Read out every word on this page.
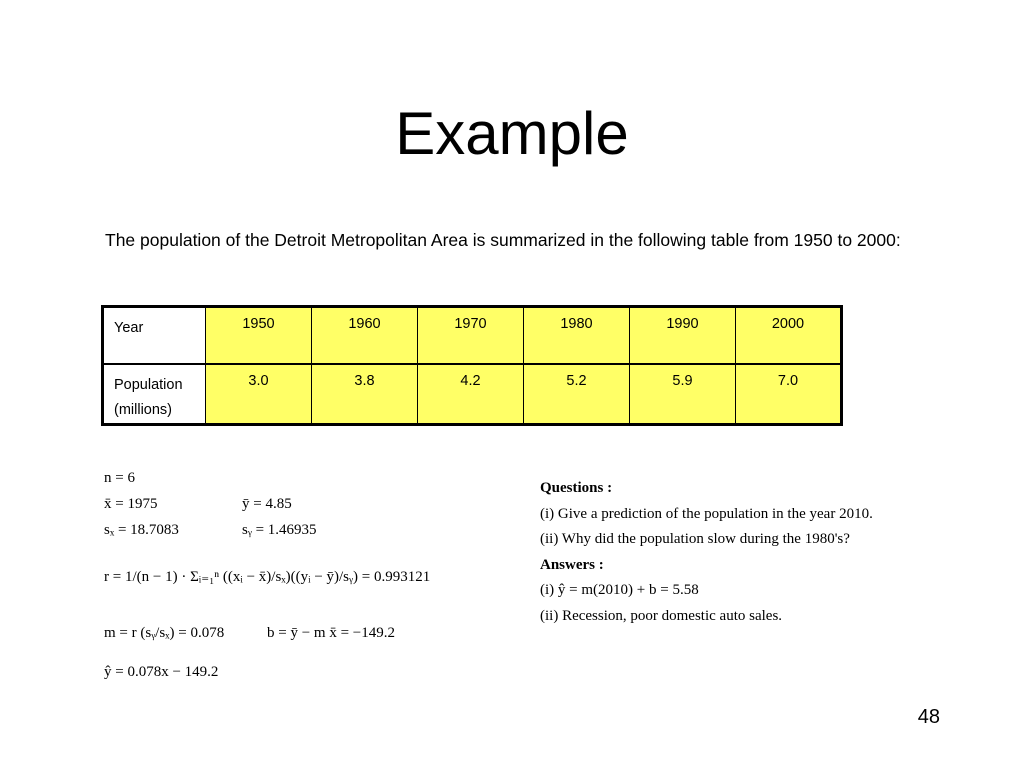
Example
The population of the Detroit Metropolitan Area is summarized in the following table from 1950 to 2000:
Year	1950	1960	1970	1980	1990	2000
Population (millions)	3.0	3.8	4.2	5.2	5.9	7.0
n = 6
x̄ = 1975	ȳ = 4.85
sₓ = 18.7083	sᵧ = 1.46935
r = 1/(n − 1) · Σᵢ₌₁ⁿ ((xᵢ − x̄)/sₓ)((yᵢ − ȳ)/sᵧ) = 0.993121
m = r (sᵧ/sₓ) = 0.078	b = ȳ − m x̄ = −149.2
ŷ = 0.078x − 149.2
Questions :
(i) Give a prediction of the population in the year 2010.
(ii) Why did the population slow during the 1980's?
Answers :
(i) ŷ = m(2010) + b = 5.58
(ii) Recession, poor domestic auto sales.
48
